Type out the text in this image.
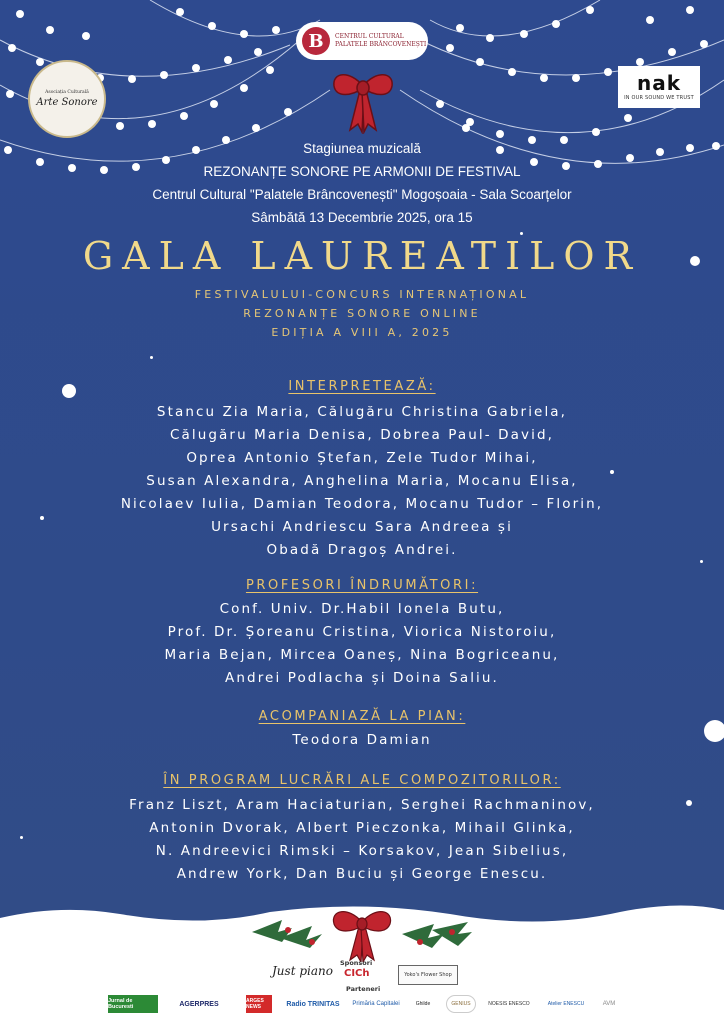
Asociația Culturală
Arte Sonore
B	CENTRUL CULTURAL
PALATELE BRÂNCOVENEȘTI
nak
IN OUR SOUND WE TRUST
Stagiunea muzicală
REZONANȚE SONORE PE ARMONII DE FESTIVAL
Centrul Cultural "Palatele Brâncovenești" Mogoșoaia - Sala Scoarțelor
Sâmbătă 13 Decembrie 2025, ora 15
GALA LAUREATILOR
FESTIVALULUI-CONCURS INTERNAȚIONAL
REZONANȚE SONORE ONLINE
EDIȚIA A VIII A, 2025
INTERPRETEAZĂ:
Stancu Zia Maria, Călugăru Christina Gabriela,
Călugăru Maria Denisa, Dobrea Paul- David,
Oprea Antonio Ștefan, Zele Tudor Mihai,
Susan Alexandra, Anghelina Maria, Mocanu Elisa,
Nicolaev Iulia, Damian Teodora, Mocanu Tudor – Florin,
Ursachi Andriescu Sara Andreea și
Obadă Dragoș Andrei.
PROFESORI ÎNDRUMĂTORI:
Conf. Univ. Dr.Habil Ionela Butu,
Prof. Dr. Șoreanu Cristina, Viorica Nistoroiu,
Maria Bejan, Mircea Oaneș, Nina Bogriceanu,
Andrei Podlacha și Doina Saliu.
ACOMPANIAZĂ LA PIAN:
Teodora Damian
ÎN PROGRAM LUCRĂRI ALE COMPOZITORILOR:
Franz Liszt, Aram Haciaturian, Serghei Rachmaninov,
Antonin Dvorak, Albert Pieczonka, Mihail Glinka,
N. Andreevici Rimski – Korsakov, Jean Sibelius,
Andrew York, Dan Buciu și George Enescu.
Sponsori
Just piano CICh	Yoko's Flower Shop
Parteneri
Jurnal de Bucuresti	AGERPRES	ARGES NEWS	Radio TRINITAS	Primăria Capitalei	Ghilde	GENIUS	NOESIS ENESCO	Atelier ENESCU	AVM
